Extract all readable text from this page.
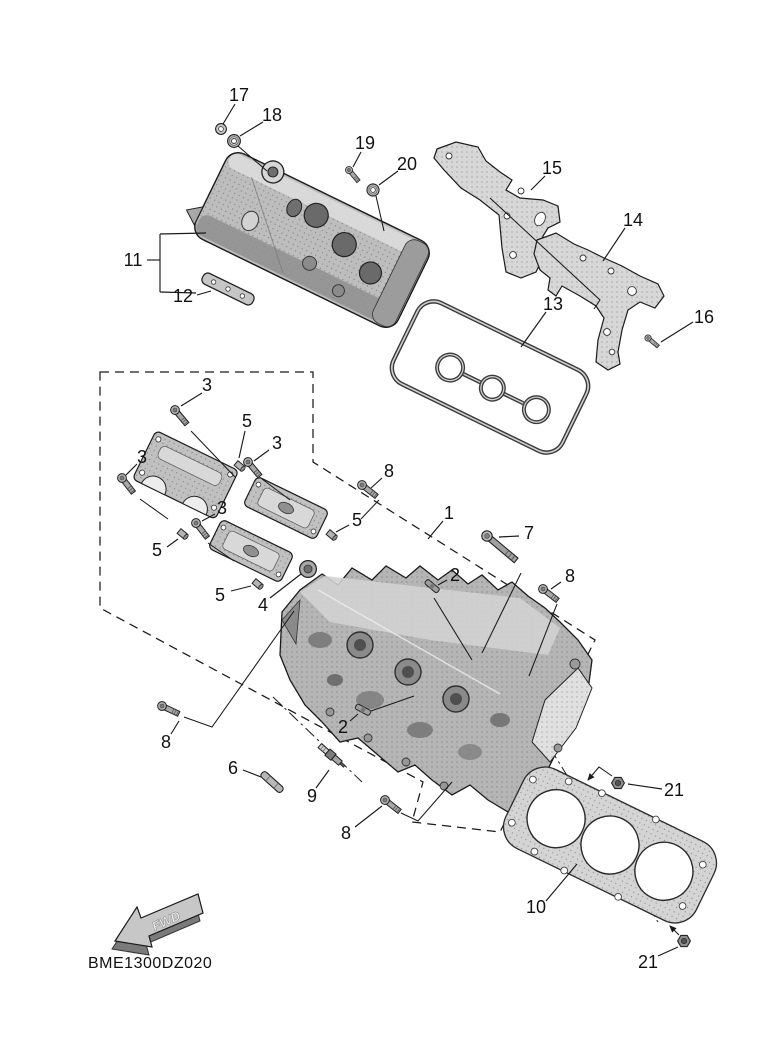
FWD
BME1300DZ020
17
18
19
20	15
14
16
13
11
12
3
3
3
3
5
5
5
5
4
1
7
2
2
8
8
8
8
9
6
10
21
21
